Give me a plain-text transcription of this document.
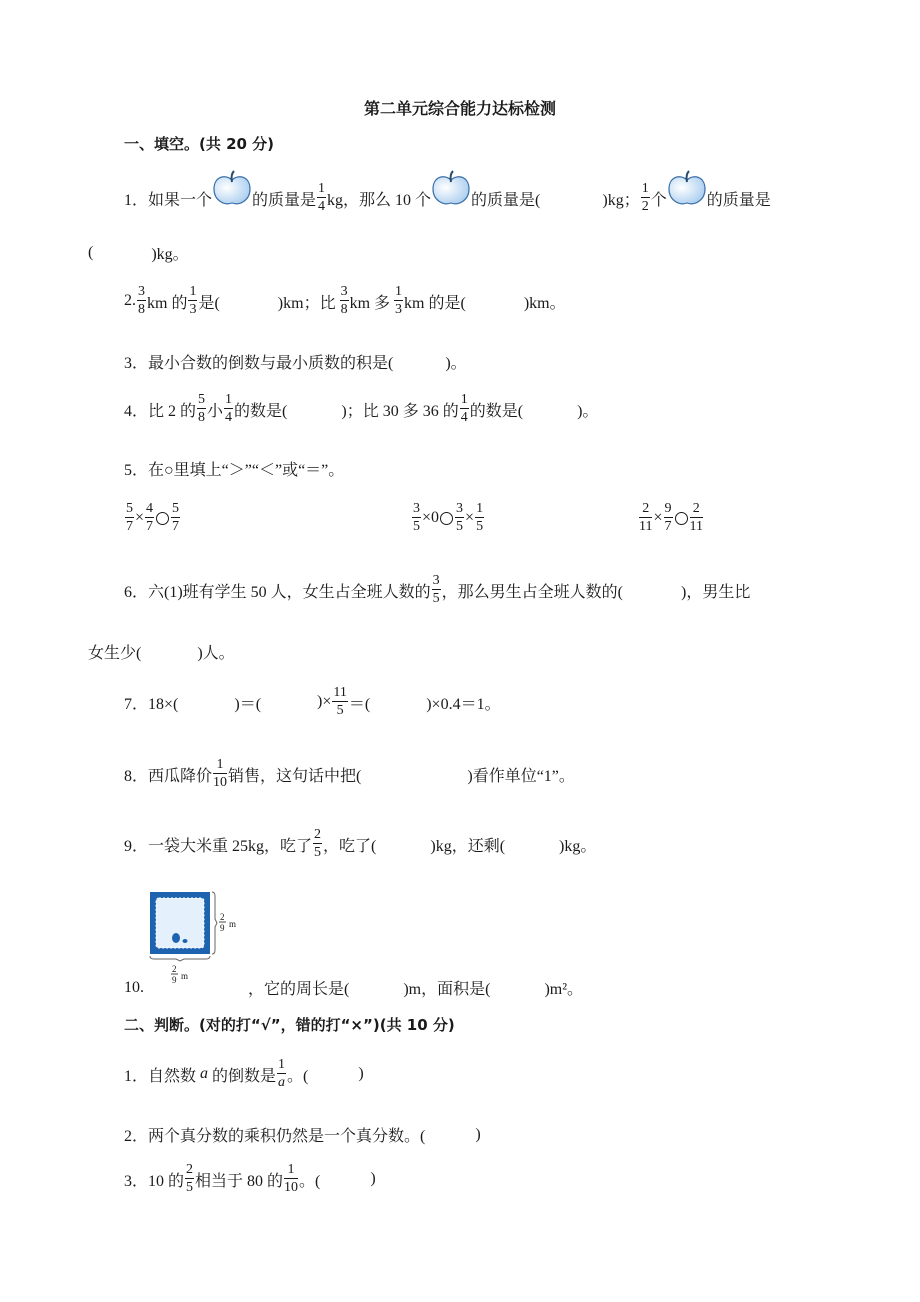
第二单元综合能力达标检测
一、填空。(共 20 分)
1．如果一个	的质量是 $\frac{1}{4}$ kg，那么 10 个	的质量是(	)kg； $\frac{1}{2}$ 个	的质量是
(	)kg。
2. $\frac{3}{8}$ km 的 $\frac{1}{3}$ 是(	)km；比 $\frac{3}{8}$ km 多 $\frac{1}{3}$ km 的是(	)km。
3．最小合数的倒数与最小质数的积是(	)。
4．比 2 的 $\frac{5}{8}$ 小 $\frac{1}{4}$ 的数是(	)；比 30 多 36 的 $\frac{1}{4}$ 的数是(	)。
5．在○里填上“＞”“＜”或“＝”。
$\frac{5}{7} \times \frac{4}{7} \frac{5}{7}$	$\frac{3}{5} \times 0 \frac{3}{5} \times \frac{1}{5}$	$\frac{2}{11} \times \frac{9}{7} \frac{2}{11}$
6．六(1)班有学生 50 人，女生占全班人数的 $\frac{3}{5}$ ，那么男生占全班人数的(	)，男生比
女生少(	)人。
7．18×(	)＝(	)× $\frac{11}{5}$ ＝(	)×0.4＝1。
8．西瓜降价 $\frac{1}{10}$ 销售，这句话中把(	)看作单位“1”。
9．一袋大米重 25kg，吃了 $\frac{2}{5}$ ，吃了(	)kg，还剩(	)kg。
2
9 m
2
9 m
10.	，它的周长是(	)m，面积是(	)m²。
二、判断。(对的打“√”，错的打“×”)(共 10 分)
1．自然数 a 的倒数是 $\frac{1}{a}$ 。(	)
2．两个真分数的乘积仍然是一个真分数。(	)
3．10 的 $\frac{2}{5}$ 相当于 80 的 $\frac{1}{10}$ 。(	)
